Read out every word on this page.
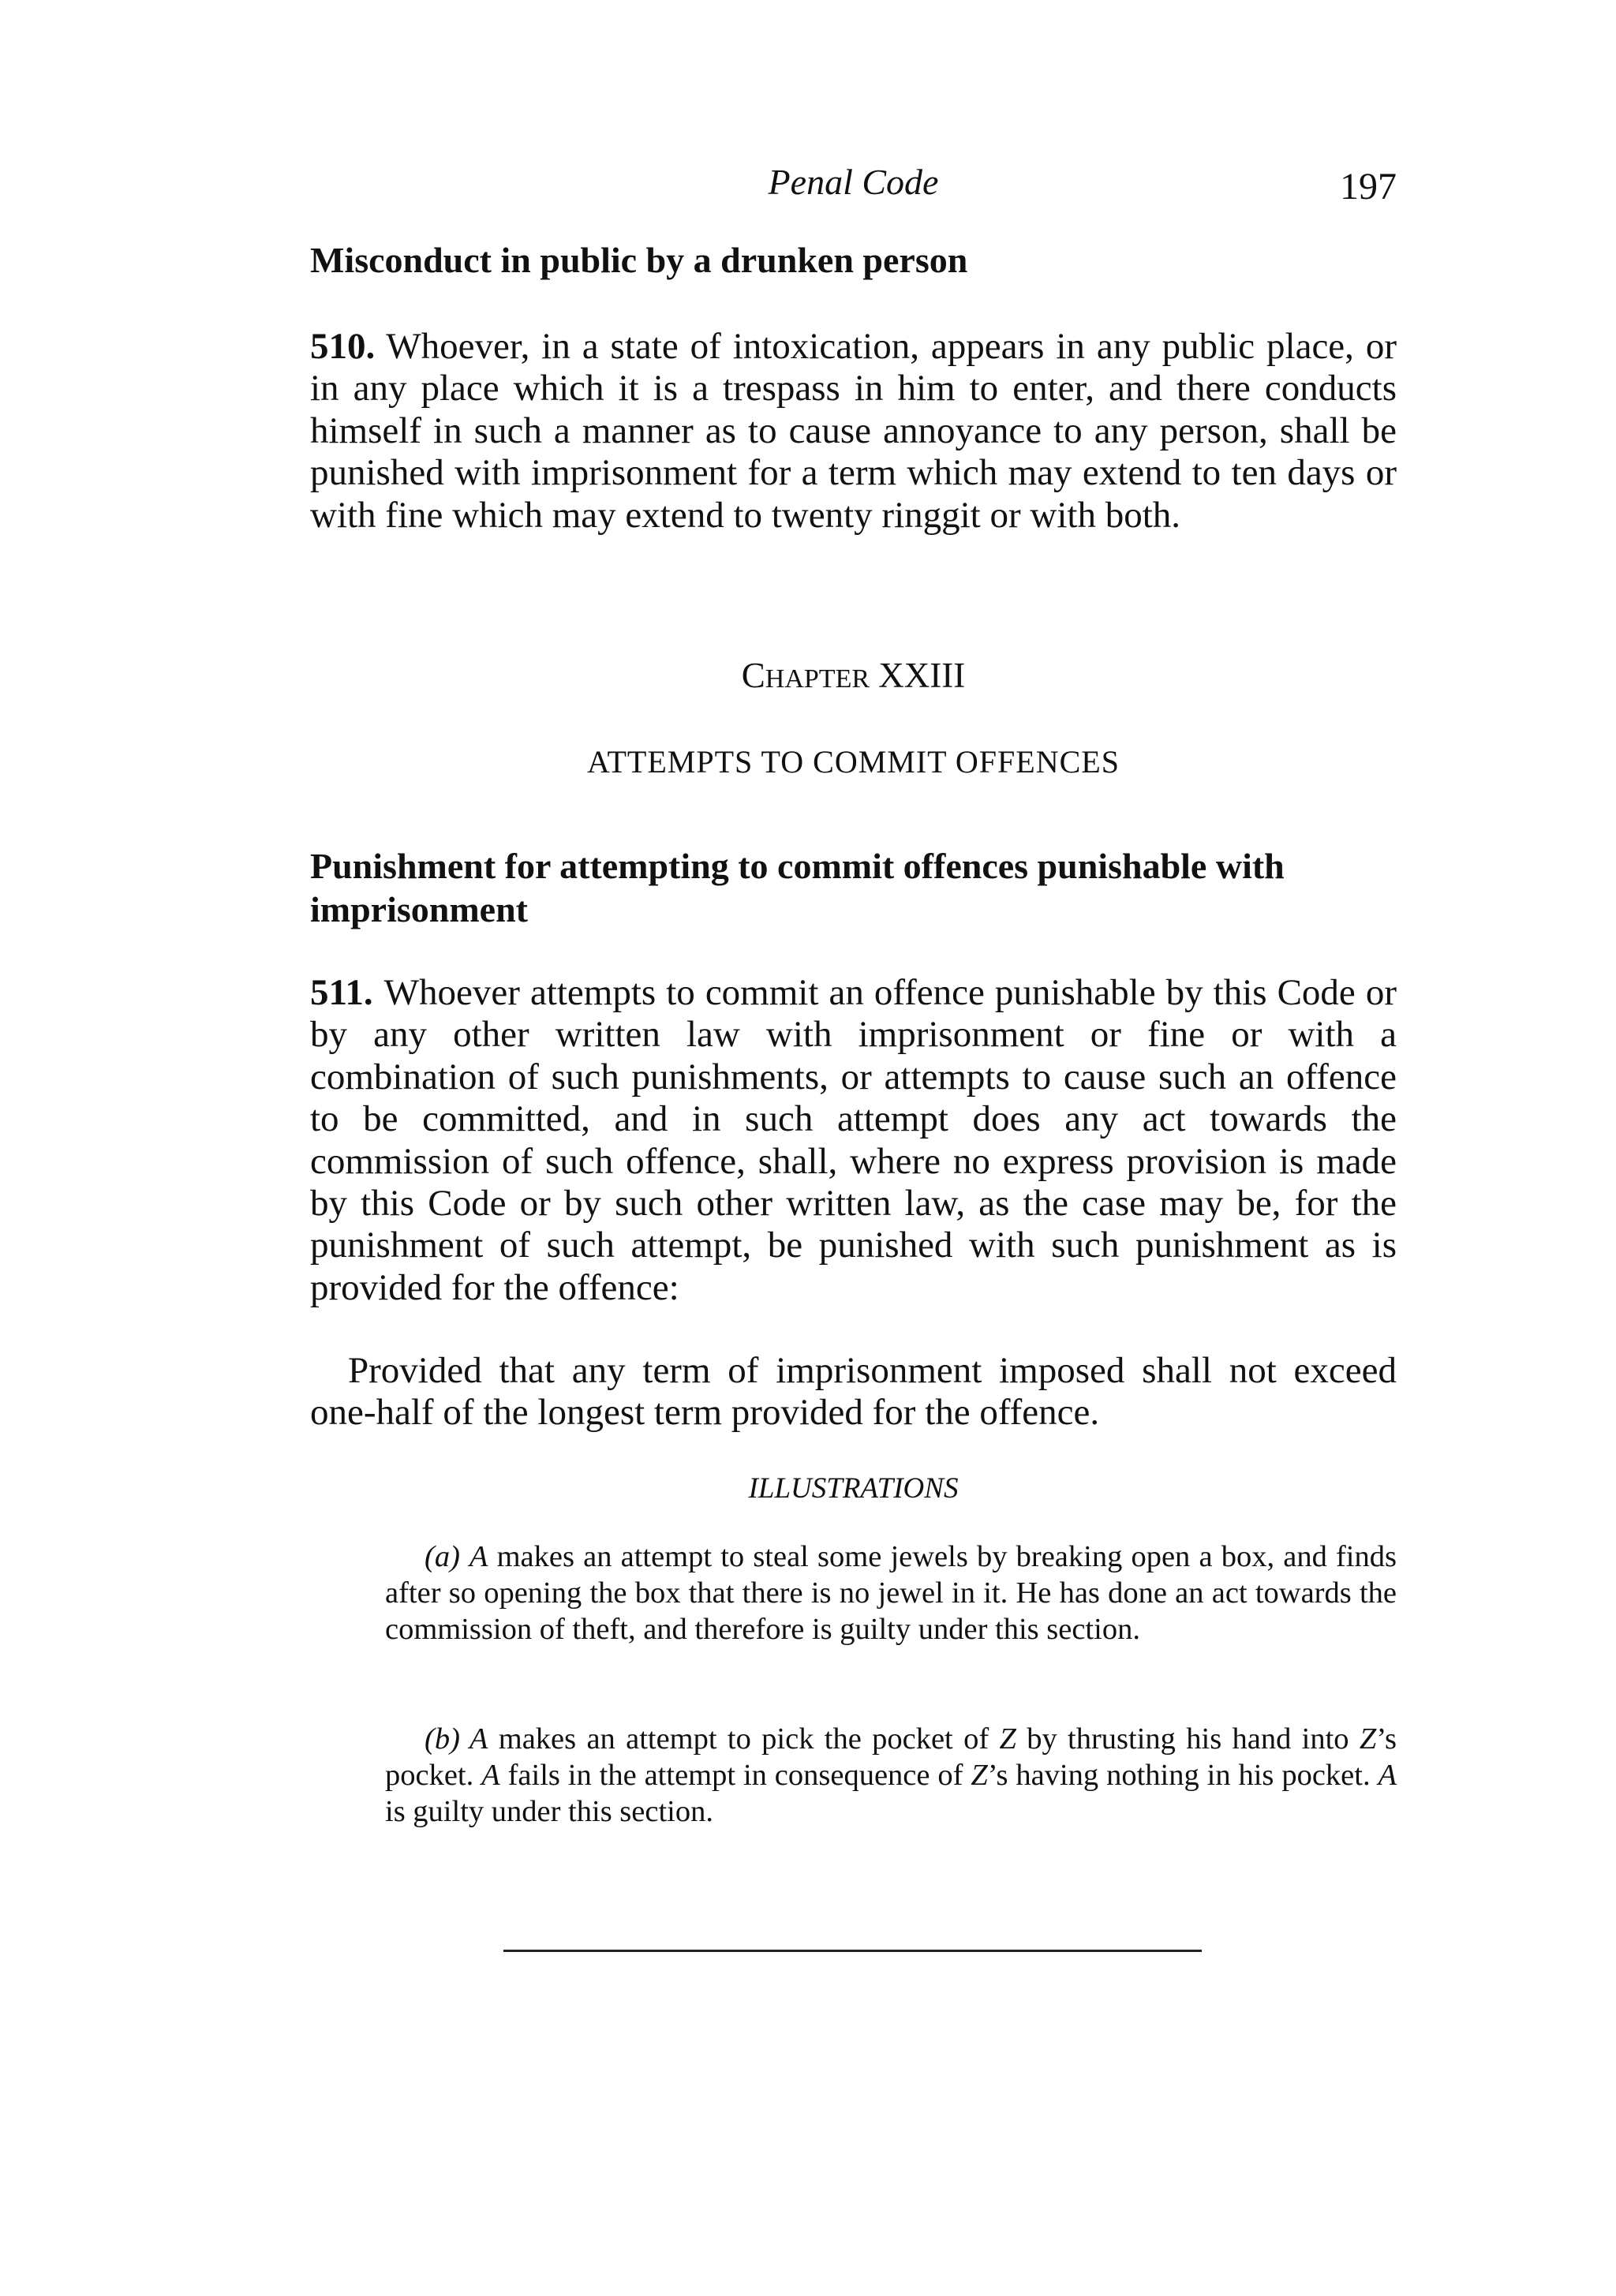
Penal Code	197
Misconduct in public by a drunken person

510. Whoever, in a state of intoxication, appears in any public place, or in any place which it is a trespass in him to enter, and there conducts himself in such a manner as to cause annoyance to any person, shall be punished with imprisonment for a term which may extend to ten days or with fine which may extend to twenty ringgit or with both.

CHAPTER XXIII

ATTEMPTS TO COMMIT OFFENCES

Punishment for attempting to commit offences punishable with imprisonment

511. Whoever attempts to commit an offence punishable by this Code or by any other written law with imprisonment or fine or with a combination of such punishments, or attempts to cause such an offence to be committed, and in such attempt does any act towards the commission of such offence, shall, where no express provision is made by this Code or by such other written law, as the case may be, for the punishment of such attempt, be punished with such punishment as is provided for the offence:

Provided that any term of imprisonment imposed shall not exceed one-half of the longest term provided for the offence.

ILLUSTRATIONS

(a) A makes an attempt to steal some jewels by breaking open a box, and finds after so opening the box that there is no jewel in it. He has done an act towards the commission of theft, and therefore is guilty under this section.

(b) A makes an attempt to pick the pocket of Z by thrusting his hand into Z’s pocket. A fails in the attempt in consequence of Z’s having nothing in his pocket. A is guilty under this section.
